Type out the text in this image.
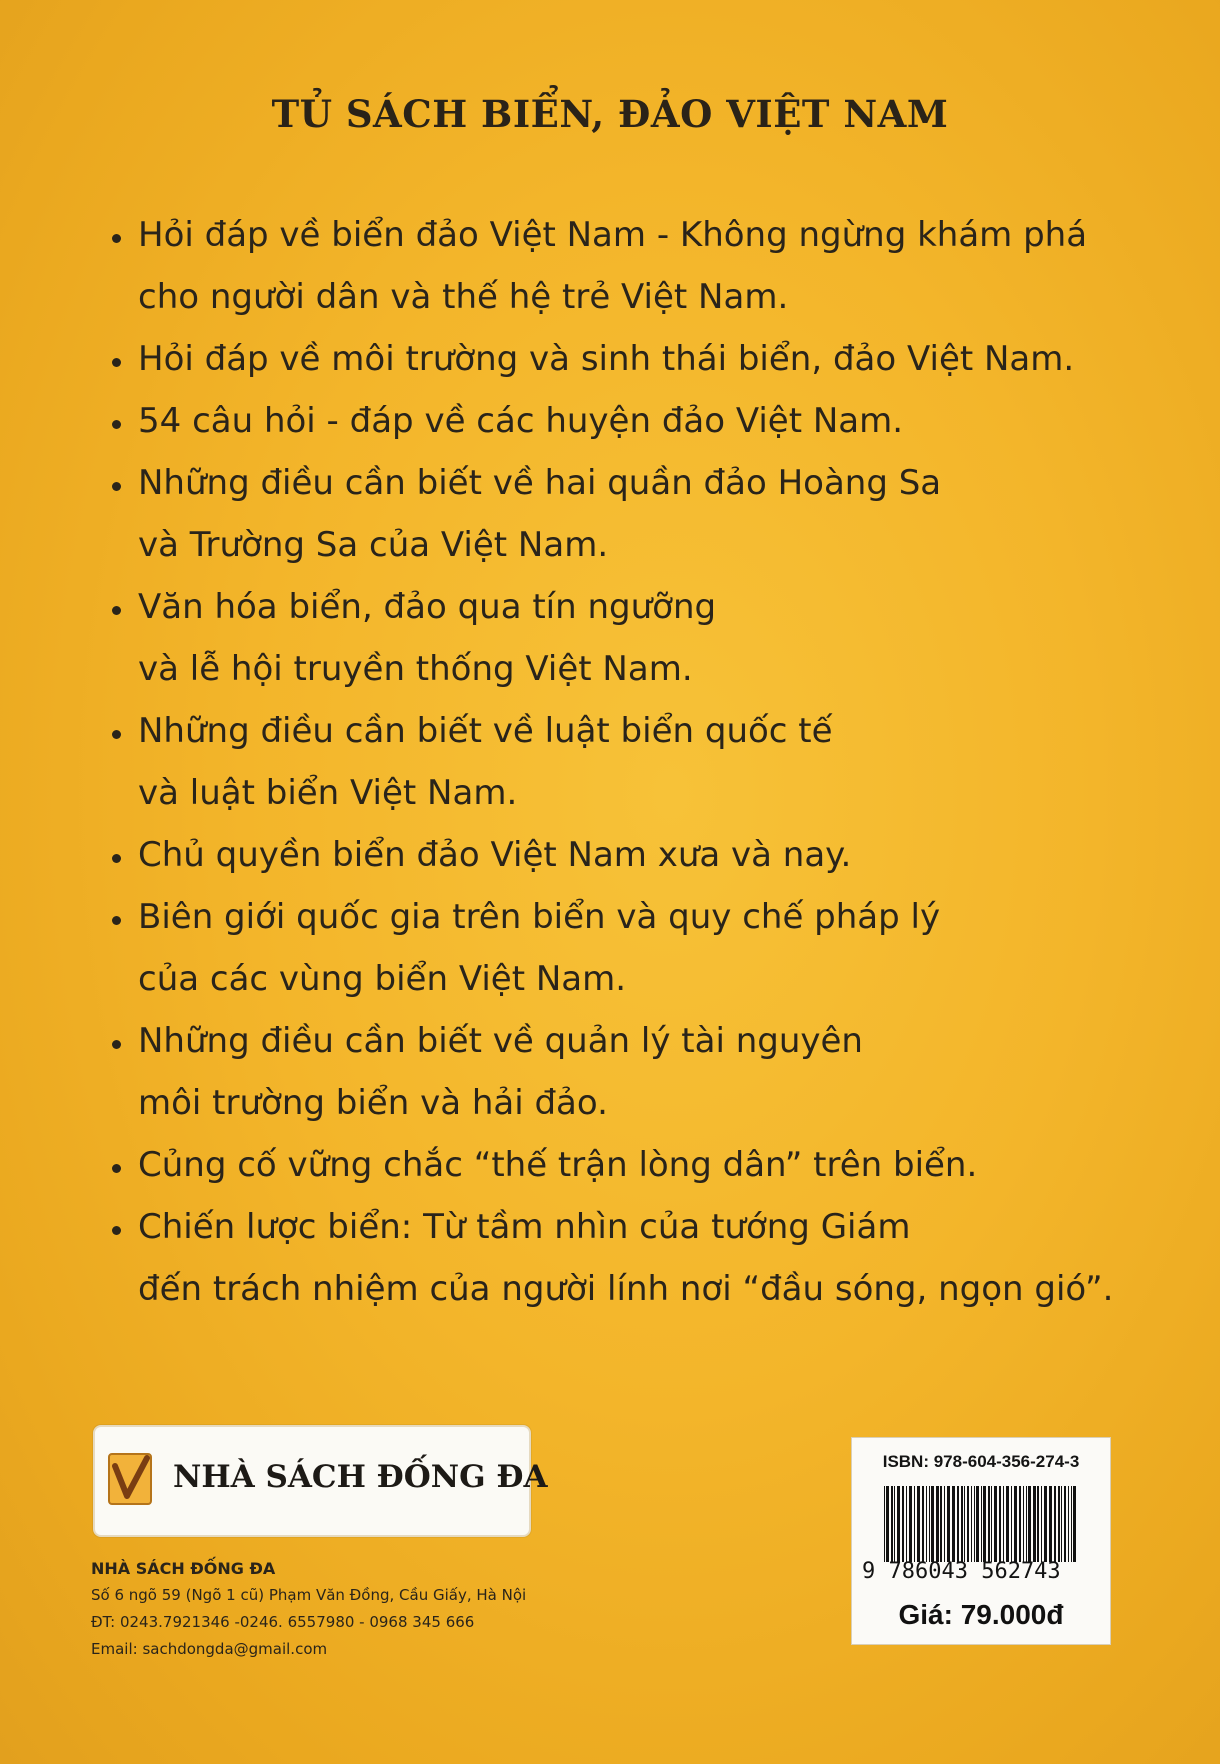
TỦ SÁCH BIỂN, ĐẢO VIỆT NAM
Hỏi đáp về biển đảo Việt Nam - Không ngừng khám phá
cho người dân và thế hệ trẻ Việt Nam.
Hỏi đáp về môi trường và sinh thái biển, đảo Việt Nam.
54 câu hỏi - đáp về các huyện đảo Việt Nam.
Những điều cần biết về hai quần đảo Hoàng Sa
và Trường Sa của Việt Nam.
Văn hóa biển, đảo qua tín ngưỡng
và lễ hội truyền thống Việt Nam.
Những điều cần biết về luật biển quốc tế
và luật biển Việt Nam.
Chủ quyền biển đảo Việt Nam xưa và nay.
Biên giới quốc gia trên biển và quy chế pháp lý
của các vùng biển Việt Nam.
Những điều cần biết về quản lý tài nguyên
môi trường biển và hải đảo.
Củng cố vững chắc “thế trận lòng dân” trên biển.
Chiến lược biển: Từ tầm nhìn của tướng Giám
đến trách nhiệm của người lính nơi “đầu sóng, ngọn gió”.
NHÀ SÁCH ĐỐNG ĐA
NHÀ SÁCH ĐỐNG ĐA
Số 6 ngõ 59 (Ngõ 1 cũ) Phạm Văn Đồng, Cầu Giấy, Hà Nội
ĐT: 0243.7921346 -0246. 6557980 - 0968 345 666
Email: sachdongda@gmail.com
ISBN: 978-604-356-274-3
9 786043 562743
Giá: 79.000đ
